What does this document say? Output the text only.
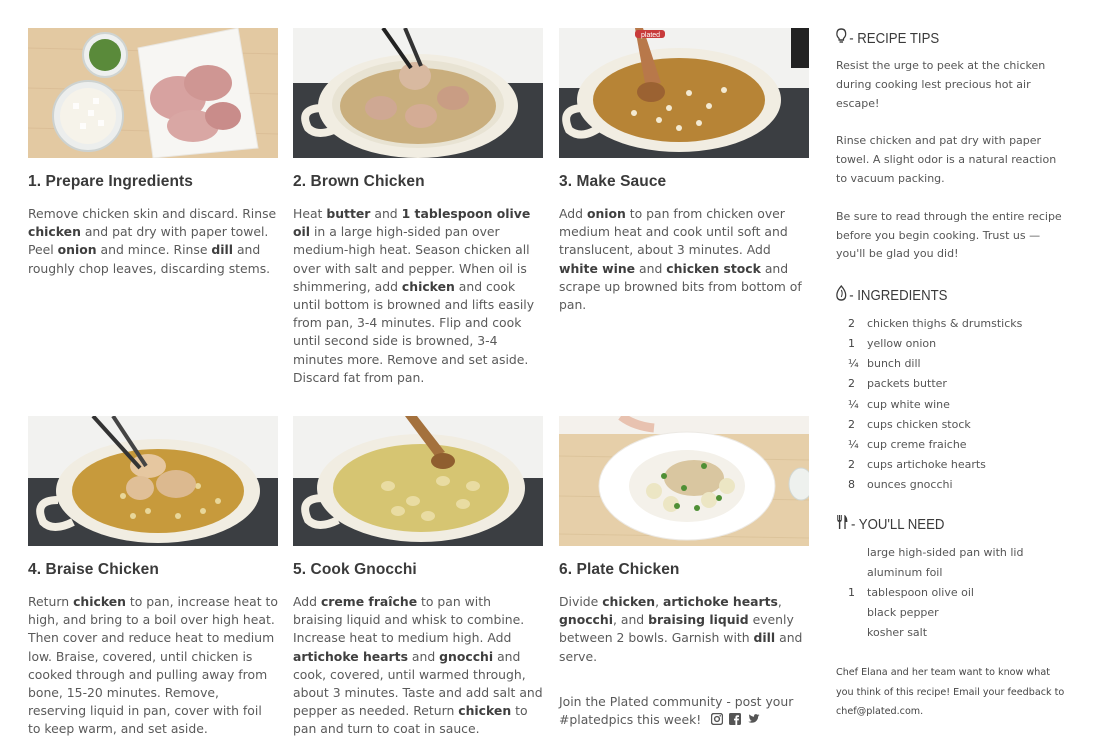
1. Prepare Ingredients

Remove chicken skin and discard. Rinse chicken and pat dry with paper towel. Peel onion and mince. Rinse dill and roughly chop leaves, discarding stems.

2. Brown Chicken

Heat butter and 1 tablespoon olive oil in a large high-sided pan over medium-high heat. Season chicken all over with salt and pepper. When oil is shimmering, add chicken and cook until bottom is browned and lifts easily from pan, 3-4 minutes. Flip and cook until second side is browned, 3-4 minutes more. Remove and set aside. Discard fat from pan.

plated
3. Make Sauce

Add onion to pan from chicken over medium heat and cook until soft and translucent, about 3 minutes. Add white wine and chicken stock and scrape up browned bits from bottom of pan.

4. Braise Chicken

Return chicken to pan, increase heat to high, and bring to a boil over high heat. Then cover and reduce heat to medium low. Braise, covered, until chicken is cooked through and pulling away from bone, 15-20 minutes. Remove, reserving liquid in pan, cover with foil to keep warm, and set aside.

5. Cook Gnocchi

Add creme fraîche to pan with braising liquid and whisk to combine. Increase heat to medium high. Add artichoke hearts and gnocchi and cook, covered, until warmed through, about 3 minutes. Taste and add salt and pepper as needed. Return chicken to pan and turn to coat in sauce.

6. Plate Chicken

Divide chicken, artichoke hearts, gnocchi, and braising liquid evenly between 2 bowls. Garnish with dill and serve.

Join the Plated community - post your #platedpics this week!
- RECIPE TIPS

Resist the urge to peek at the chicken during cooking lest precious hot air escape!

Rinse chicken and pat dry with paper towel. A slight odor is a natural reaction to vacuum packing.

Be sure to read through the entire recipe before you begin cooking. Trust us — you'll be glad you did!

- INGREDIENTS
2	chicken thighs & drumsticks
1	yellow onion
¼ bunch dill
2	packets butter
¼ cup white wine
2	cups chicken stock
¼ cup creme fraiche
2	cups artichoke hearts
8	ounces gnocchi
- YOU'LL NEED
large high-sided pan with lid
aluminum foil
1	tablespoon olive oil
black pepper
kosher salt

Chef Elana and her team want to know what you think of this recipe! Email your feedback to chef@plated.com.
